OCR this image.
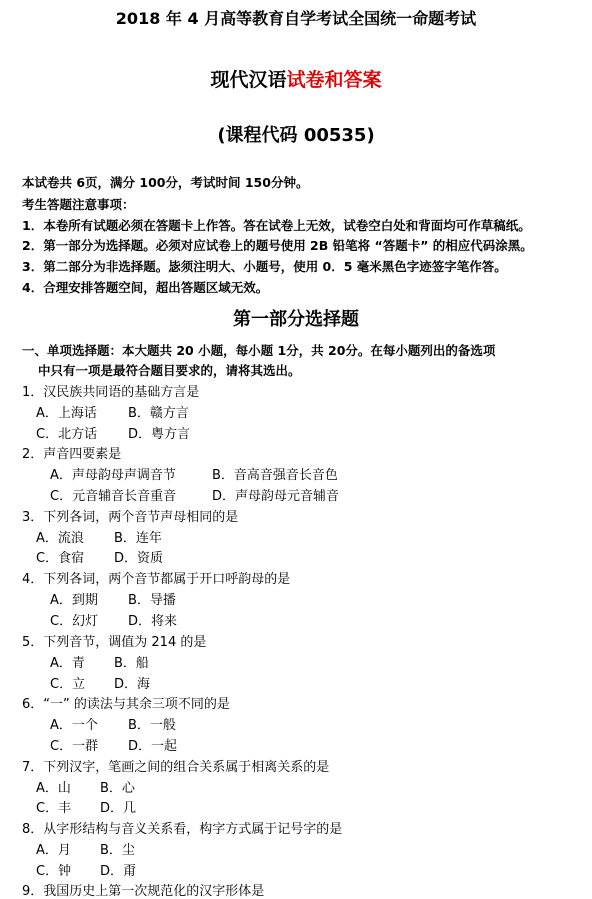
2018 年 4 月高等教育自学考试全国统一命题考试
现代汉语试卷和答案
(课程代码 00535)
本试卷共 6页，满分 100分，考试时间 150分钟。
考生答题注意事项：
1．本卷所有试题必须在答题卡上作答。答在试卷上无效，试卷空白处和背面均可作草稿纸。
2．第一部分为选择题。必须对应试卷上的题号使用 2B 铅笔将 “答题卡” 的相应代码涂黑。
3．第二部分为非选择题。毖须注明大、小题号，使用 0．5 毫米黑色字迹签字笔作答。
4．合理安排答题空间，超出答题区域无效。
第一部分选择题
一、单项选择题：本大题共 20 小题，每小题 1分，共 20分。在每小题列出的备选项
中只有一项是最符合题目要求的，请将其选出。
1．汉民族共同语的基础方言是
A．上海话 B．赣方言
C．北方话 D．粤方言
2．声音四要素是
A．声母韵母声调音节	B．音高音强音长音色
C．元音辅音长音重音	D．声母韵母元音辅音
3．下列各词，两个音节声母相同的是
A．流浪 B．连年
C．食宿 D．资质
4．下列各词，两个音节都属于开口呼韵母的是
A．到期 B．导播
C．幻灯 D．将来
5．下列音节，调值为 214 的是
A．青 B．船
C．立 D．海
6．“一” 的读法与其余三项不同的是
A．一个 B．一般
C．一群 D．一起
7．下列汉字，笔画之间的组合关系属于相离关系的是
A．山 B．心
C．丰 D．几
8．从字形结构与音义关系看，构字方式属于记号字的是
A．月 B．尘
C．钟 D．甭
9．我国历史上第一次规范化的汉字形体是
